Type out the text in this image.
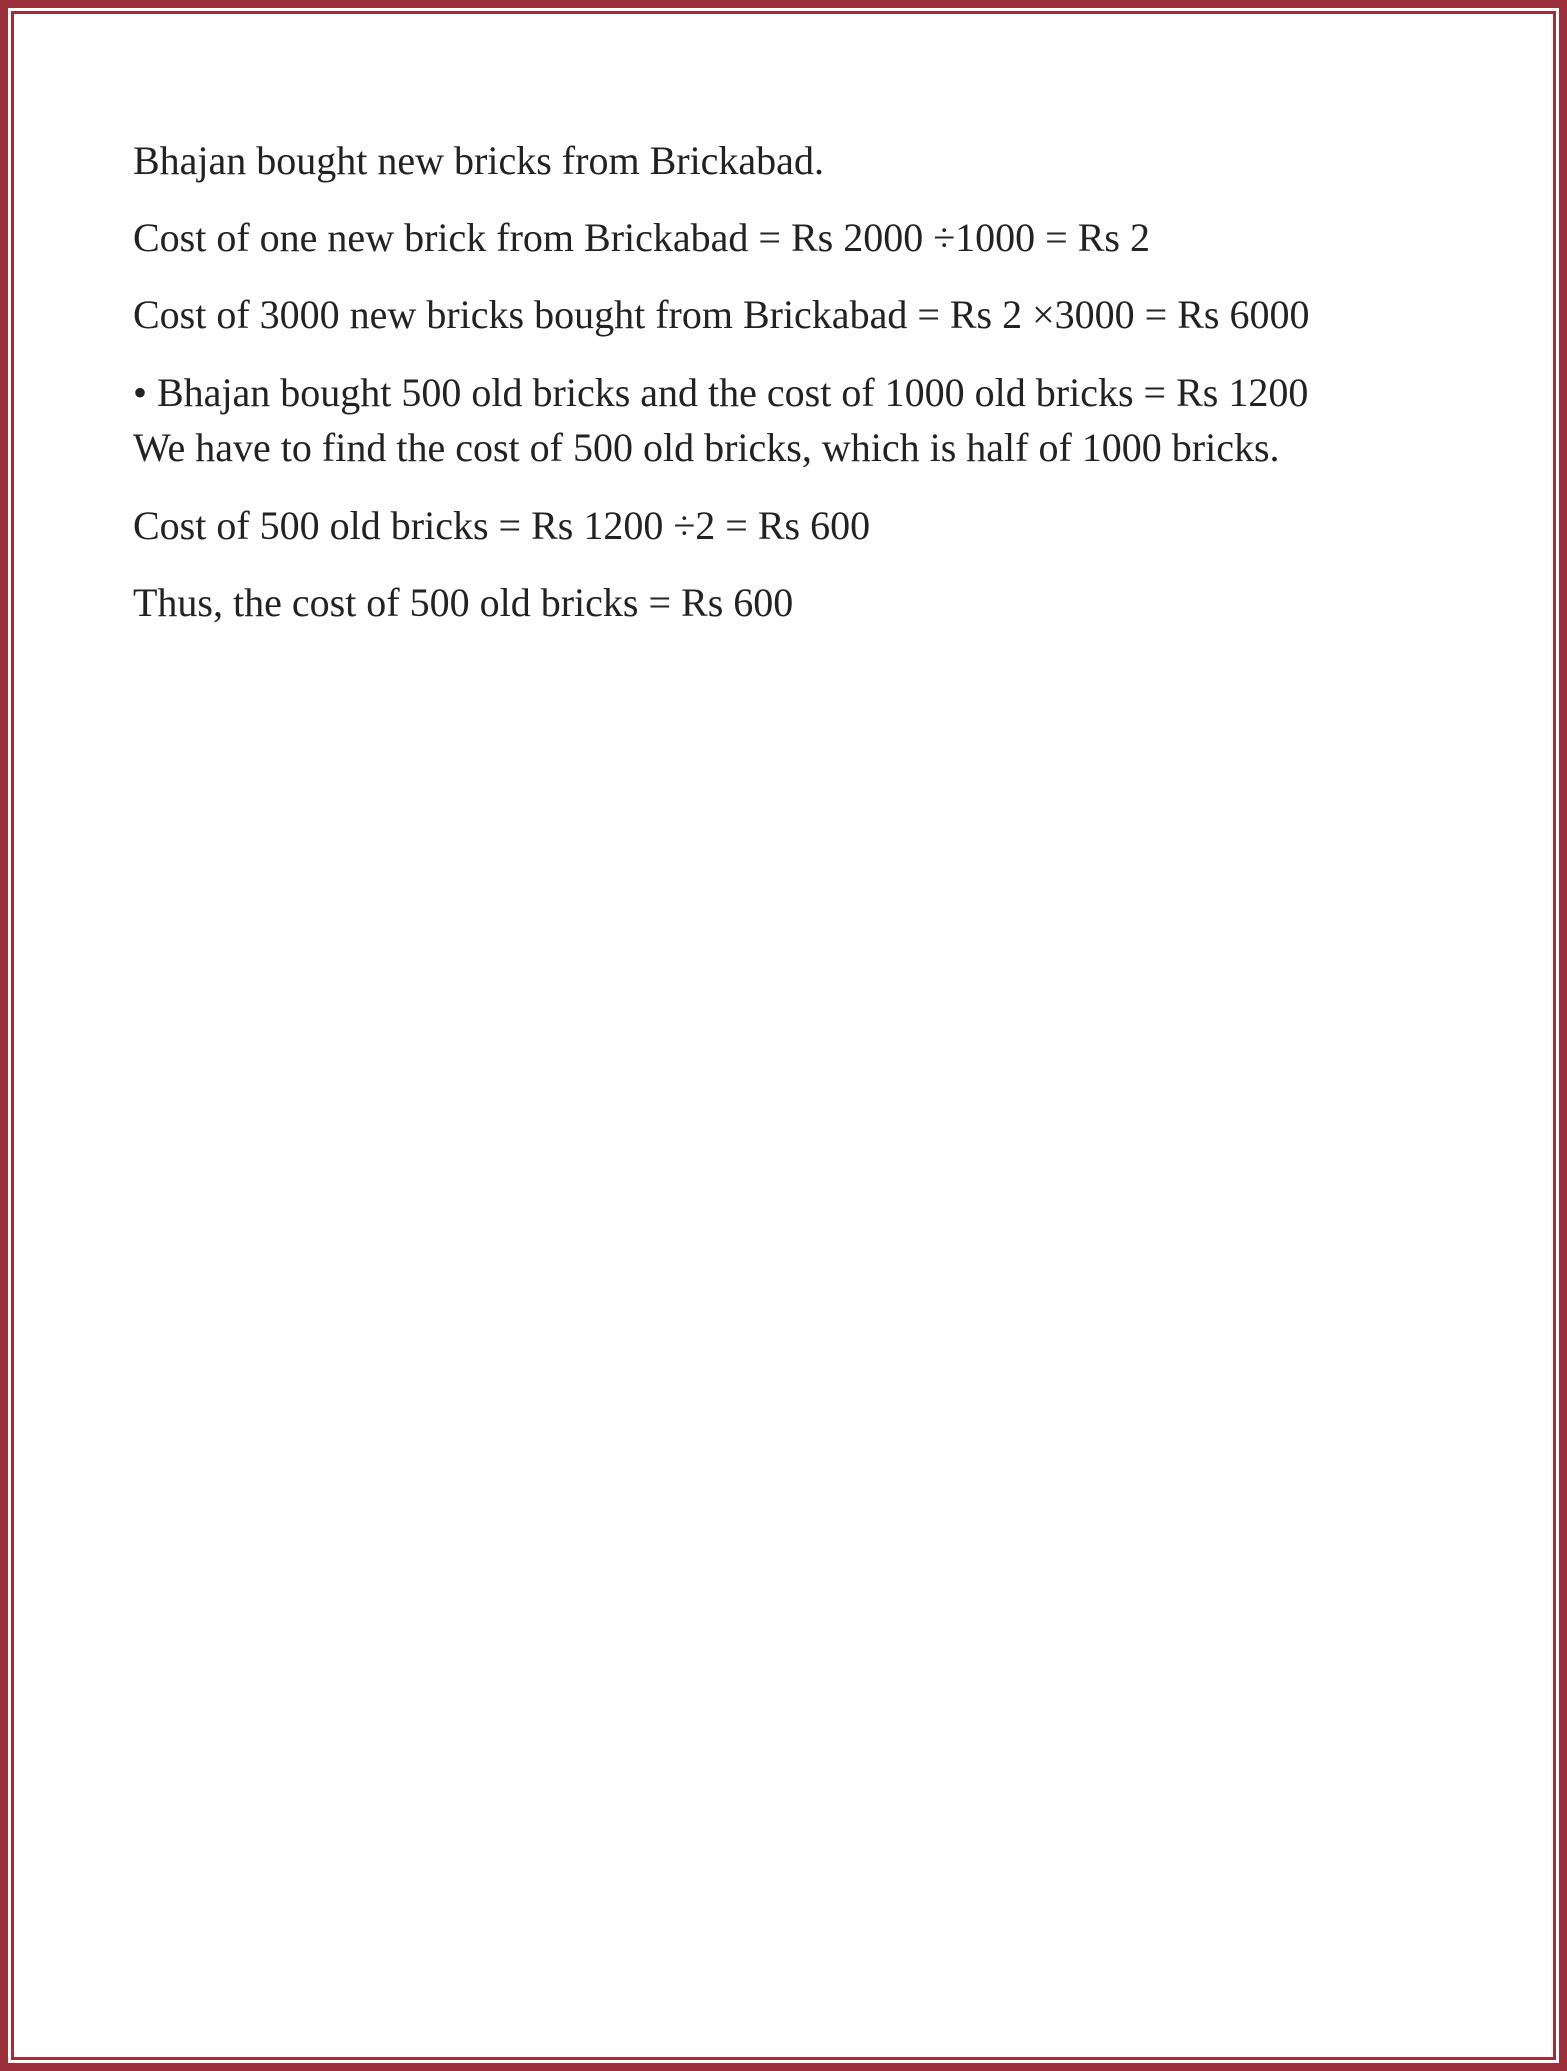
Bhajan bought new bricks from Brickabad.
Cost of one new brick from Brickabad = Rs 2000 ÷1000 = Rs 2
Cost of 3000 new bricks bought from Brickabad = Rs 2 ×3000 = Rs 6000
• Bhajan bought 500 old bricks and the cost of 1000 old bricks = Rs 1200
We have to find the cost of 500 old bricks, which is half of 1000 bricks.
Cost of 500 old bricks = Rs 1200 ÷2 = Rs 600
Thus, the cost of 500 old bricks = Rs 600
